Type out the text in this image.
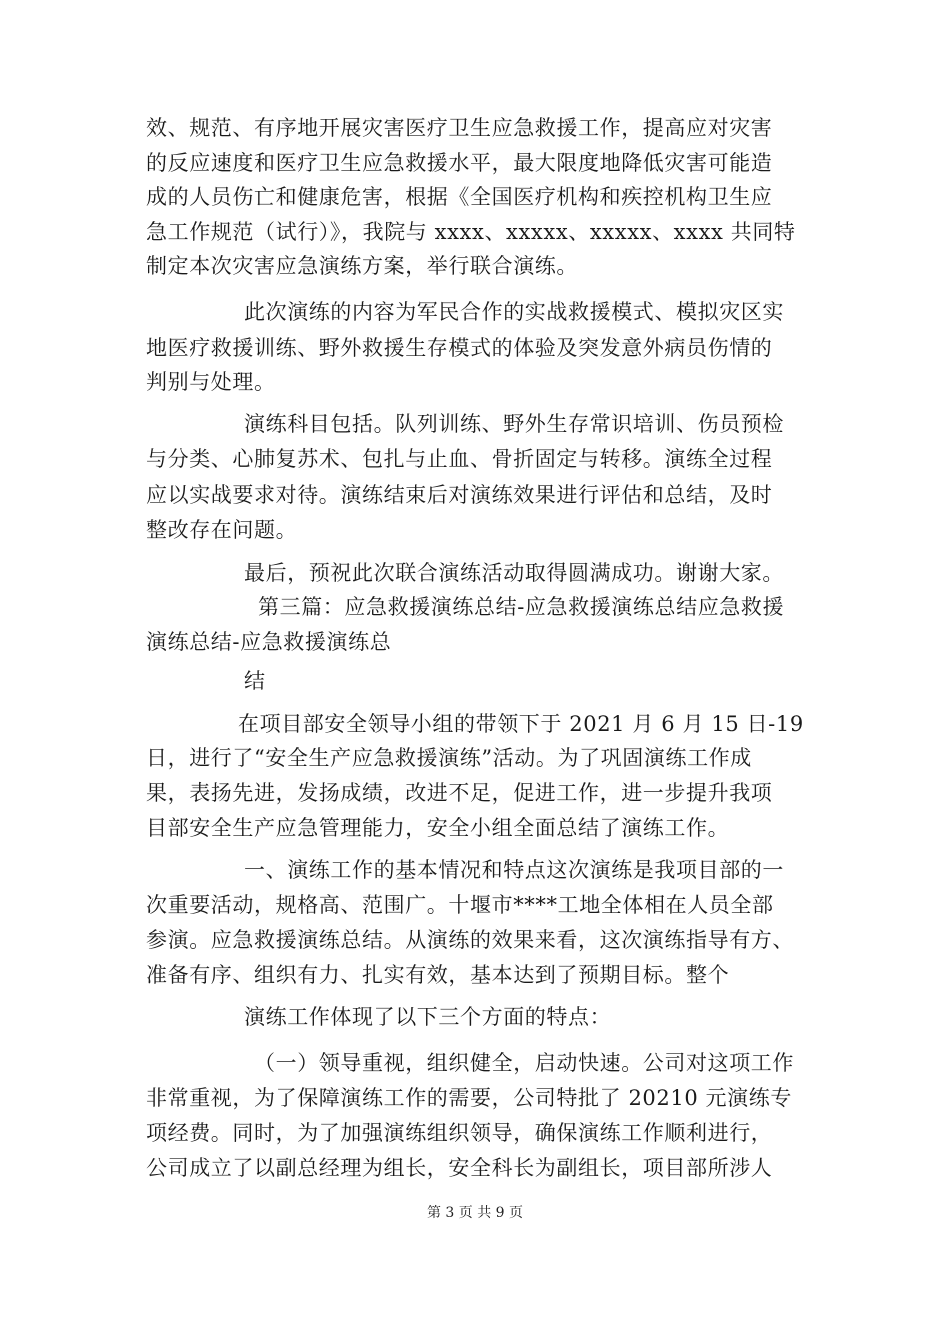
效、规范、有序地开展灾害医疗卫生应急救援工作，提高应对灾害
的反应速度和医疗卫生应急救援水平，最大限度地降低灾害可能造
成的人员伤亡和健康危害，根据《全国医疗机构和疾控机构卫生应
急工作规范（试行）》，我院与 xxxx、xxxxx、xxxxx、xxxx 共同特
制定本次灾害应急演练方案，举行联合演练。
此次演练的内容为军民合作的实战救援模式、模拟灾区实
地医疗救援训练、野外救援生存模式的体验及突发意外病员伤情的
判别与处理。
演练科目包括。队列训练、野外生存常识培训、伤员预检
与分类、心肺复苏术、包扎与止血、骨折固定与转移。演练全过程
应以实战要求对待。演练结束后对演练效果进行评估和总结，及时
整改存在问题。
最后，预祝此次联合演练活动取得圆满成功。谢谢大家。
第三篇：应急救援演练总结-应急救援演练总结应急救援
演练总结-应急救援演练总
结
在项目部安全领导小组的带领下于 2021 月 6 月 15 日-19
日，进行了“安全生产应急救援演练”活动。为了巩固演练工作成
果，表扬先进，发扬成绩，改进不足，促进工作，进一步提升我项
目部安全生产应急管理能力，安全小组全面总结了演练工作。
一、演练工作的基本情况和特点这次演练是我项目部的一
次重要活动，规格高、范围广。十堰市****工地全体相在人员全部
参演。应急救援演练总结。从演练的效果来看，这次演练指导有方、
准备有序、组织有力、扎实有效，基本达到了预期目标。整个
演练工作体现了以下三个方面的特点：
（一）领导重视，组织健全，启动快速。公司对这项工作
非常重视，为了保障演练工作的需要，公司特批了 20210 元演练专
项经费。同时，为了加强演练组织领导，确保演练工作顺利进行，
公司成立了以副总经理为组长，安全科长为副组长，项目部所涉人
第 3 页 共 9 页
